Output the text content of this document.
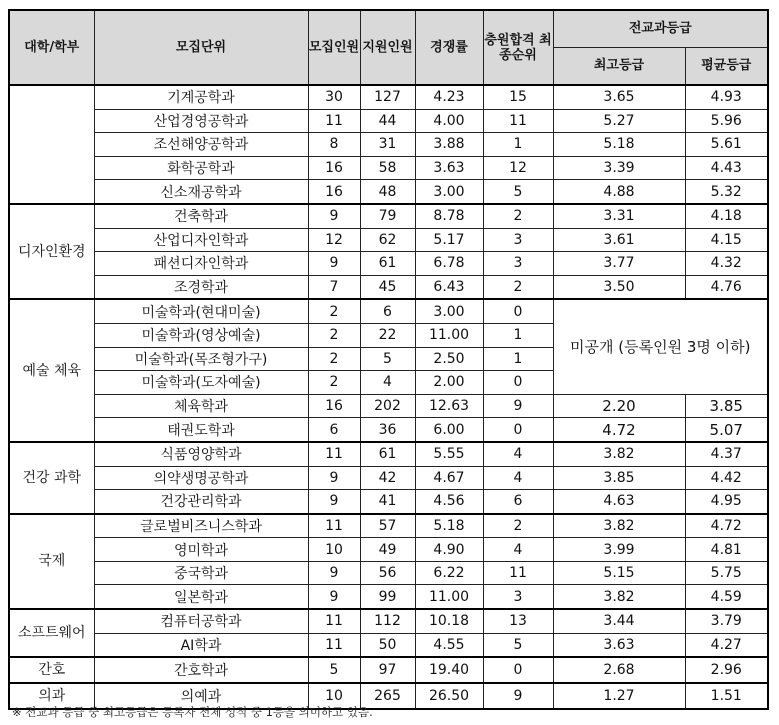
대학/학부	모집단위	모집인원	지원인원	경쟁률	충원합격 최종순위	전교과등급	
						최고등급	평균등급
	기계공학과	30	127	4.23	15	3.65	4.93
	산업경영공학과	11	44	4.00	11	5.27	5.96
	조선해양공학과	8	31	3.88	1	5.18	5.61
	화학공학과	16	58	3.63	12	3.39	4.43
	신소재공학과	16	48	3.00	5	4.88	5.32
디자인환경	건축학과	9	79	8.78	2	3.31	4.18
	산업디자인학과	12	62	5.17	3	3.61	4.15
	패션디자인학과	9	61	6.78	3	3.77	4.32
	조경학과	7	45	6.43	2	3.50	4.76
예술 체육	미술학과(현대미술)	2	6	3.00	0	미공개 (등록인원 3명 이하)	
	미술학과(영상예술)	2	22	11.00	1		
	미술학과(목조형가구)	2	5	2.50	1		
	미술학과(도자예술)	2	4	2.00	0		
	체육학과	16	202	12.63	9	2.20	3.85
	태권도학과	6	36	6.00	0	4.72	5.07
건강 과학	식품영양학과	11	61	5.55	4	3.82	4.37
	의약생명공학과	9	42	4.67	4	3.85	4.42
	건강관리학과	9	41	4.56	6	4.63	4.95
국제	글로벌비즈니스학과	11	57	5.18	2	3.82	4.72
	영미학과	10	49	4.90	4	3.99	4.81
	중국학과	9	56	6.22	11	5.15	5.75
	일본학과	9	99	11.00	3	3.82	4.59
소프트웨어	컴퓨터공학과	11	112	10.18	13	3.44	3.79
	AI학과	11	50	4.55	5	3.63	4.27
간호	간호학과	5	97	19.40	0	2.68	2.96
의과	의예과	10	265	26.50	9	1.27	1.51
※ 전교과 등급 중 최고등급은 등록자 전체 성적 중 1등을 의미하고 있음.
